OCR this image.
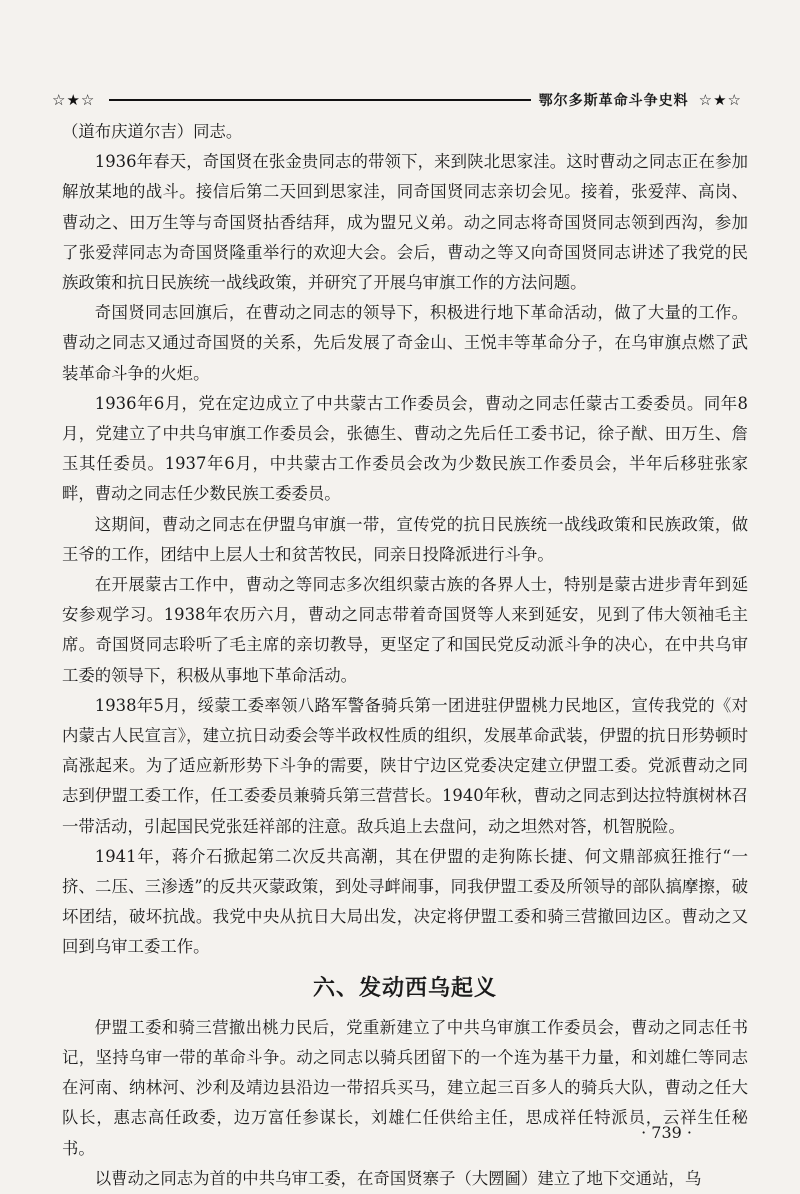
☆★☆	鄂尔多斯革命斗争史料 ☆★☆

（道布庆道尔吉）同志。

1936年春天，奇国贤在张金贵同志的带领下，来到陕北思家洼。这时曹动之同志正在参加解放某地的战斗。接信后第二天回到思家洼，同奇国贤同志亲切会见。接着，张爱萍、高岗、曹动之、田万生等与奇国贤拈香结拜，成为盟兄义弟。动之同志将奇国贤同志领到西沟，参加了张爱萍同志为奇国贤隆重举行的欢迎大会。会后，曹动之等又向奇国贤同志讲述了我党的民族政策和抗日民族统一战线政策，并研究了开展乌审旗工作的方法问题。

奇国贤同志回旗后，在曹动之同志的领导下，积极进行地下革命活动，做了大量的工作。曹动之同志又通过奇国贤的关系，先后发展了奇金山、王悦丰等革命分子，在乌审旗点燃了武装革命斗争的火炬。

1936年6月，党在定边成立了中共蒙古工作委员会，曹动之同志任蒙古工委委员。同年8月，党建立了中共乌审旗工作委员会，张德生、曹动之先后任工委书记，徐子猷、田万生、詹玉其任委员。1937年6月，中共蒙古工作委员会改为少数民族工作委员会，半年后移驻张家畔，曹动之同志任少数民族工委委员。

这期间，曹动之同志在伊盟乌审旗一带，宣传党的抗日民族统一战线政策和民族政策，做王爷的工作，团结中上层人士和贫苦牧民，同亲日投降派进行斗争。

在开展蒙古工作中，曹动之等同志多次组织蒙古族的各界人士，特别是蒙古进步青年到延安参观学习。1938年农历六月，曹动之同志带着奇国贤等人来到延安，见到了伟大领袖毛主席。奇国贤同志聆听了毛主席的亲切教导，更坚定了和国民党反动派斗争的决心，在中共乌审工委的领导下，积极从事地下革命活动。

1938年5月，绥蒙工委率领八路军警备骑兵第一团进驻伊盟桃力民地区，宣传我党的《对内蒙古人民宣言》，建立抗日动委会等半政权性质的组织，发展革命武装，伊盟的抗日形势顿时高涨起来。为了适应新形势下斗争的需要，陕甘宁边区党委决定建立伊盟工委。党派曹动之同志到伊盟工委工作，任工委委员兼骑兵第三营营长。1940年秋，曹动之同志到达拉特旗树林召一带活动，引起国民党张廷祥部的注意。敌兵追上去盘问，动之坦然对答，机智脱险。

1941年，蒋介石掀起第二次反共高潮，其在伊盟的走狗陈长捷、何文鼎部疯狂推行“一挤、二压、三渗透”的反共灭蒙政策，到处寻衅闹事，同我伊盟工委及所领导的部队搞摩擦，破坏团结，破坏抗战。我党中央从抗日大局出发，决定将伊盟工委和骑三营撤回边区。曹动之又回到乌审工委工作。

六、发动西乌起义

伊盟工委和骑三营撤出桃力民后，党重新建立了中共乌审旗工作委员会，曹动之同志任书记，坚持乌审一带的革命斗争。动之同志以骑兵团留下的一个连为基干力量，和刘雄仁等同志在河南、纳林河、沙利及靖边县沿边一带招兵买马，建立起三百多人的骑兵大队，曹动之任大队长，惠志高任政委，边万富任参谋长，刘雄仁任供给主任，思成祥任特派员，云祥生任秘书。

以曹动之同志为首的中共乌审工委，在奇国贤寨子（大圐圙）建立了地下交通站，乌

· 739 ·
